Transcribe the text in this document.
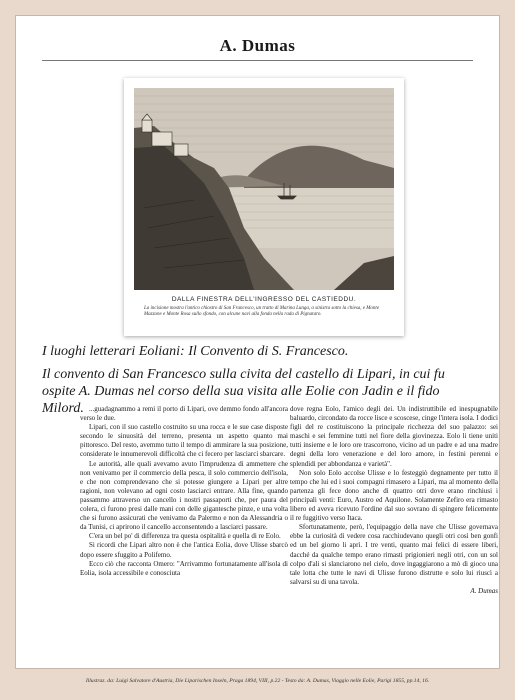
A. Dumas
DALLA FINESTRA DELL'INGRESSO DEL CASTIEDDU.
La incisione mostra l'antico chiostro di San Francesco, un tratto di Marina Lunga, a sinistra sotto la chiesa, e Monte Mazzone e Monte Rosa sullo sfondo, con alcune navi alla fonda nella rada di Pignataro.
I luoghi letterari Eoliani: Il Convento di S. Francesco.
Il convento di San Francesco sulla civita del castello di Lipari, in cui fu ospite A. Dumas nel corso della sua visita alle Eolie con Jadin e il fido Milord. ...guadagnammo a remi il porto di Lipari, ove demmo fondo all'ancora verso le due.

Lipari, con il suo castello costruito su una rocca e le sue case disposte secondo le sinuosità del terreno, presenta un aspetto quanto mai pittoresco. Del resto, avemmo tutto il tempo di ammirare la sua posizione, considerate le innumerevoli difficoltà che ci fecero per lasciarci sbarcare.

Le autorità, alle quali avevamo avuto l'imprudenza di ammettere che non venivamo per il commercio della pesca, il solo commercio dell'isola, e che non comprendevano che si potesse giungere a Lipari per altre ragioni, non volevano ad ogni costo lasciarci entrare. Alla fine, quando passammo attraverso un cancello i nostri passaporti che, per paura del colera, ci furono presi dalle mani con delle gigantesche pinze, e una volta che si furono assicurati che venivamo da Palermo e non da Alessandria o da Tunisi, ci aprirono il cancello acconsentendo a lasciarci passare.

C'era un bel po' di differenza tra questa ospitalità e quella di re Eolo.

Si ricordi che Lipari altro non è che l'antica Eolia, dove Ulisse sbarcò dopo essere sfuggito a Polifemo.

Ecco ciò che racconta Omero: "Arrivammo fortunatamente all'isola di Eolia, isola accessibile e conosciuta

dove regna Eolo, l'amico degli dei. Un indistruttibile ed inespugnabile baluardo, circondato da rocce lisce e scoscese, cinge l'intera isola. I dodici figli del re costituiscono la principale ricchezza del suo palazzo: sei maschi e sei femmine tutti nel fiore della giovinezza. Eolo li tiene uniti tutti insieme e le loro ore trascorrono, vicino ad un padre e ad una madre degni della loro venerazione e del loro amore, in festini perenni e splendidi per abbondanza e varietà".

Non solo Eolo accolse Ulisse e lo festeggiò degnamente per tutto il tempo che lui ed i suoi compagni rimasero a Lipari, ma al momento della partenza gli fece dono anche di quattro otri dove erano rinchiusi i principali venti: Euro, Austro ed Aquilone. Solamente Zefiro era rimasto libero ed aveva ricevuto l'ordine dal suo sovrano di spingere felicemente il re fuggitivo verso Itaca.

Sfortunatamente, però, l'equipaggio della nave che Ulisse governava ebbe la curiosità di vedere cosa racchiudevano quegli otri così ben gonfi ed un bel giorno li aprì. I tre venti, quanto mai felici di essere liberi, dacché da qualche tempo erano rimasti prigionieri negli otri, con un sol colpo d'ali si slanciarono nel cielo, dove ingaggiarono a mò di gioco una tale lotta che tutte le navi di Ulisse furono distrutte e solo lui riuscì a salvarsi su di una tavola.

A. Dumas

Illustraz. da: Luigi Salvatore d'Austria, Die Liparischen Inseln, Praga 1894, VIII, p.22 - Testo da: A. Dumas, Viaggio nelle Eolie, Parigi 1855, pp.14, 16.
